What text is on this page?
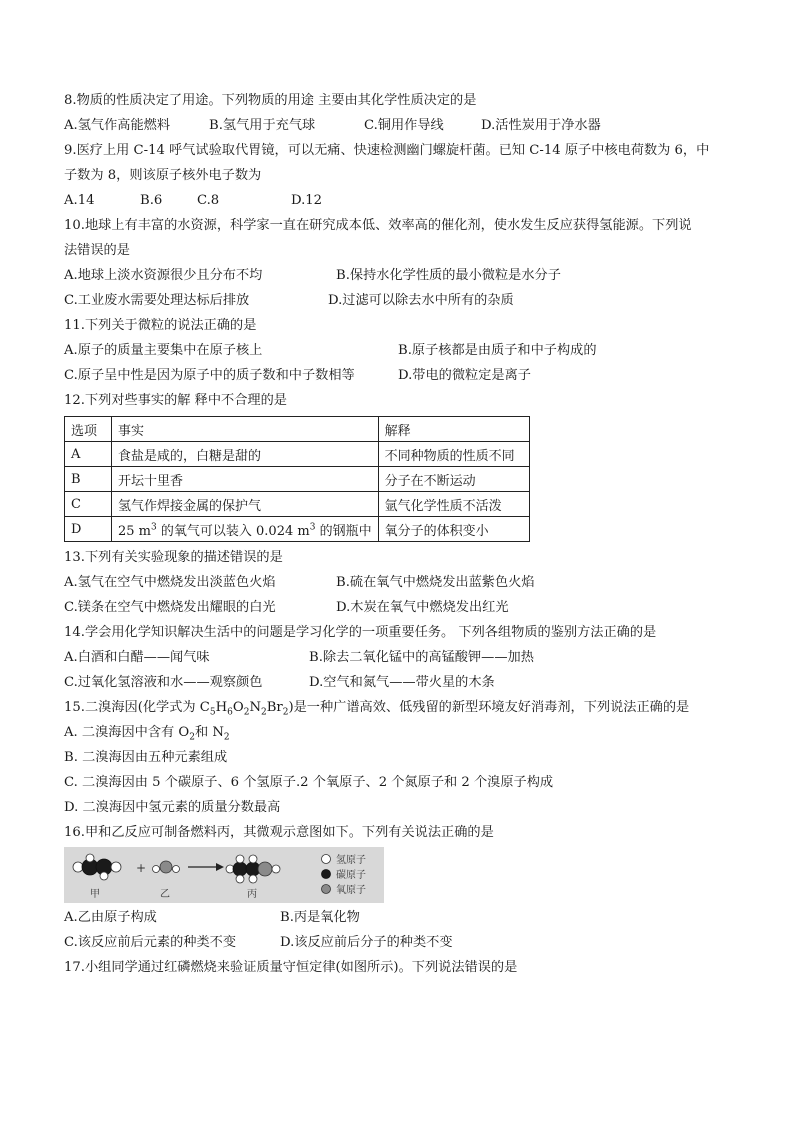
8.物质的性质决定了用途。下列物质的用途 主要由其化学性质决定的是
A.氢气作高能燃料	B.氢气用于充气球	C.铜用作导线	D.活性炭用于净水器
9.医疗上用 C-14 呼气试验取代胃镜，可以无痛、快速检测幽门螺旋杆菌。已知 C-14 原子中核电荷数为 6，中
子数为 8，则该原子核外电子数为
A.14	B.6	C.8	D.12
10.地球上有丰富的水资源，科学家一直在研究成本低、效率高的催化剂，使水发生反应获得氢能源。下列说
法错误的是
A.地球上淡水资源很少且分布不均	B.保持水化学性质的最小微粒是水分子
C.工业废水需要处理达标后排放	D.过滤可以除去水中所有的杂质
11.下列关于微粒的说法正确的是
A.原子的质量主要集中在原子核上	B.原子核都是由质子和中子构成的
C.原子呈中性是因为原子中的质子数和中子数相等	D.带电的微粒定是离子
12.下列对些事实的解 释中不合理的是
选项	事实	解释
A	食盐是咸的，白糖是甜的	不同种物质的性质不同
B	开坛十里香	分子在不断运动
C	氢气作焊接金属的保护气	氩气化学性质不活泼
D	25 $m^3$ 的氧气可以装入 0.024 $m^3$ 的钢瓶中	氧分子的体积变小
13.下列有关实验现象的描述错误的是
A.氢气在空气中燃烧发出淡蓝色火焰	B.硫在氧气中燃烧发出蓝紫色火焰
C.镁条在空气中燃烧发出耀眼的白光	D.木炭在氧气中燃烧发出红光
14.学会用化学知识解决生活中的问题是学习化学的一项重要任务。 下列各组物质的鉴别方法正确的是
A.白酒和白醋——闻气味	B.除去二氧化锰中的高锰酸钾——加热
C.过氧化氢溶液和水——观察颜色	D.空气和氮气——带火星的木条
15.二溴海因(化学式为 $C_5H_6O_2N_2Br_2$)是一种广谱高效、低残留的新型环境友好消毒剂，下列说法正确的是
A. 二溴海因中含有 $O_2$和 $N_2$
B. 二溴海因由五种元素组成
C. 二溴海因由 5 个碳原子、6 个氢原子.2 个氧原子、2 个氮原子和 2 个溴原子构成
D. 二溴海因中氢元素的质量分数最高
16.甲和乙反应可制备燃料丙，其微观示意图如下。下列有关说法正确的是
+
甲	乙	丙
氢原子
碳原子
氧原子
A.乙由原子构成	B.丙是氧化物
C.该反应前后元素的种类不变	D.该反应前后分子的种类不变
17.小组同学通过红磷燃烧来验证质量守恒定律(如图所示)。下列说法错误的是
